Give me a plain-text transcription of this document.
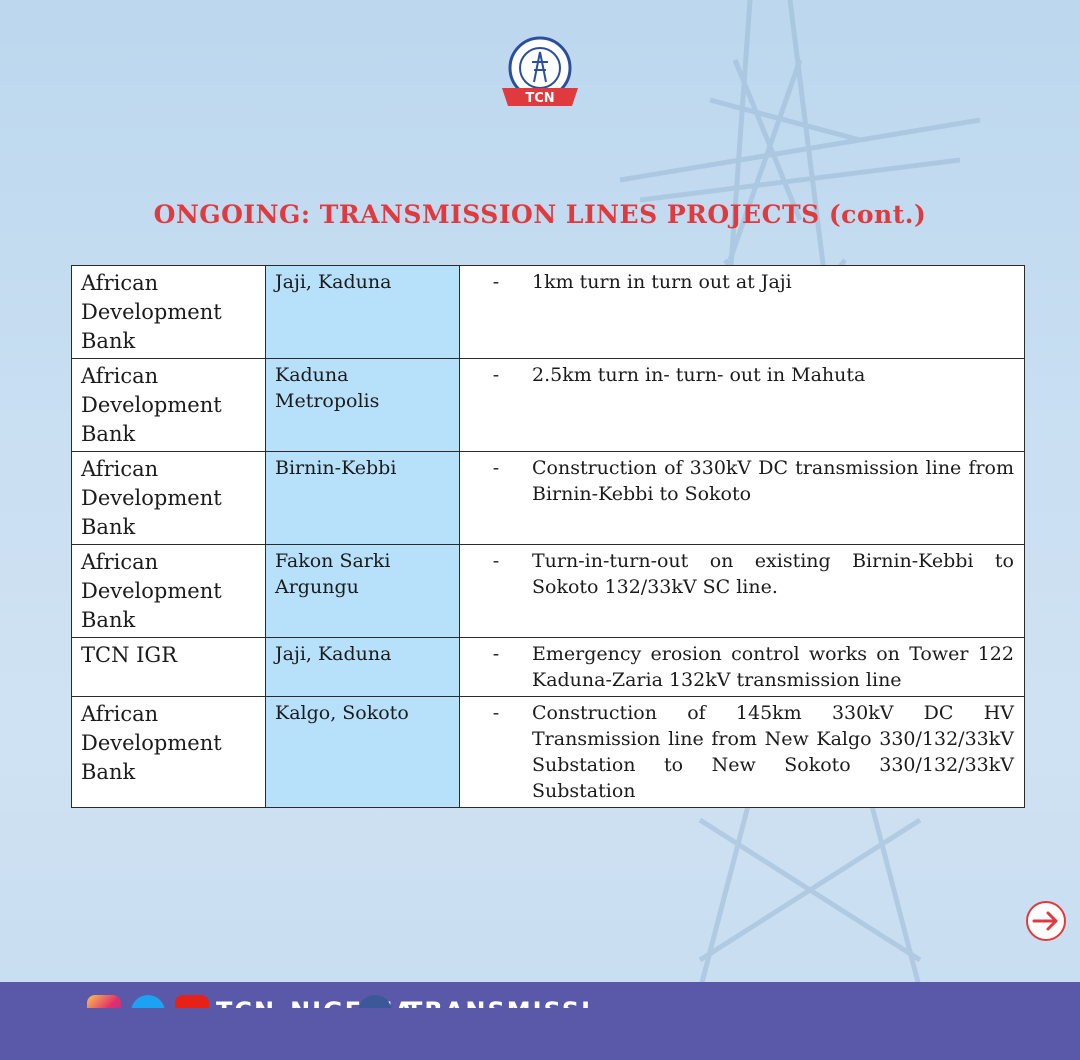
TCN
ONGOING: TRANSMISSION LINES PROJECTS (cont.)
African Development Bank	Jaji, Kaduna	- 1km turn in turn out at Jaji

African Development Bank	Kaduna Metropolis	- 2.5km turn in- turn- out in Mahuta

African Development Bank	Birnin-Kebbi	- Construction of 330kV DC transmission line from Birnin-Kebbi to Sokoto

African Development Bank	Fakon Sarki Argungu	- Turn-in-turn-out on existing Birnin-Kebbi to Sokoto 132/33kV SC line.

TCN IGR	Jaji, Kaduna	- Emergency erosion control works on Tower 122 Kaduna-Zaria 132kV transmission line

African Development Bank	Kalgo, Sokoto	- Construction of 145km 330kV DC HV Transmission line from New Kalgo 330/132/33kV Substation to New Sokoto 330/132/33kV Substation
